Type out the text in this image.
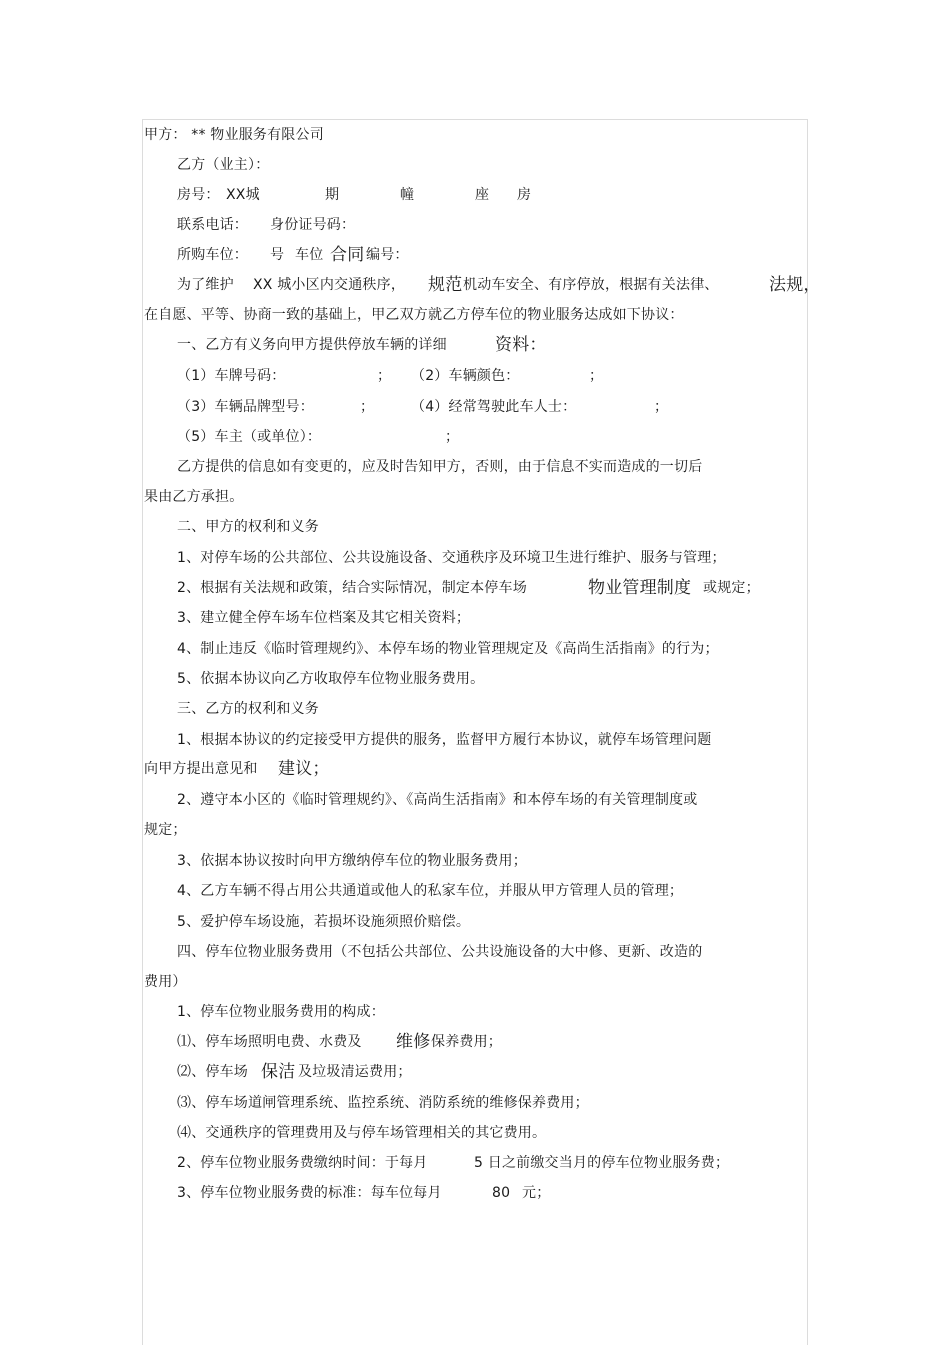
甲方： ** 物业服务有限公司
乙方（业主）：
房号： XX城	期	幢	座 房
联系电话： 身份证号码：
所购车位： 号 车位 合同 编号：
为了维护 XX 城小区内交通秩序， 规范 机动车安全、有序停放，根据有关法律、	法规，
在自愿、平等、协商一致的基础上，甲乙双方就乙方停车位的物业服务达成如下协议：
一、乙方有义务向甲方提供停放车辆的详细	资料：
（1）车牌号码：	； （2）车辆颜色：	；
（3）车辆品牌型号：	；	（4）经常驾驶此车人士：	；
（5）车主（或单位）：	；
乙方提供的信息如有变更的，应及时告知甲方，否则，由于信息不实而造成的一切后
果由乙方承担。
二、甲方的权利和义务
1、对停车场的公共部位、公共设施设备、交通秩序及环境卫生进行维护、服务与管理；
2、根据有关法规和政策，结合实际情况，制定本停车场	物业管理制度 或规定；
3、建立健全停车场车位档案及其它相关资料；
4、制止违反《临时管理规约》、本停车场的物业管理规定及《高尚生活指南》的行为；
5、依据本协议向乙方收取停车位物业服务费用。
三、乙方的权利和义务
1、根据本协议的约定接受甲方提供的服务，监督甲方履行本协议，就停车场管理问题
向甲方提出意见和 建议；
2、遵守本小区的《临时管理规约》、《高尚生活指南》和本停车场的有关管理制度或
规定；
3、依据本协议按时向甲方缴纳停车位的物业服务费用；
4、乙方车辆不得占用公共通道或他人的私家车位，并服从甲方管理人员的管理；
5、爱护停车场设施，若损坏设施须照价赔偿。
四、停车位物业服务费用（不包括公共部位、公共设施设备的大中修、更新、改造的
费用）
1、停车位物业服务费用的构成：
⑴、停车场照明电费、水费及 维修 保养费用；
⑵、停车场 保洁 及垃圾清运费用；
⑶、停车场道闸管理系统、监控系统、消防系统的维修保养费用；
⑷、交通秩序的管理费用及与停车场管理相关的其它费用。
2、停车位物业服务费缴纳时间：于每月	5 日之前缴交当月的停车位物业服务费；
3、停车位物业服务费的标准：每车位每月	80 元；
